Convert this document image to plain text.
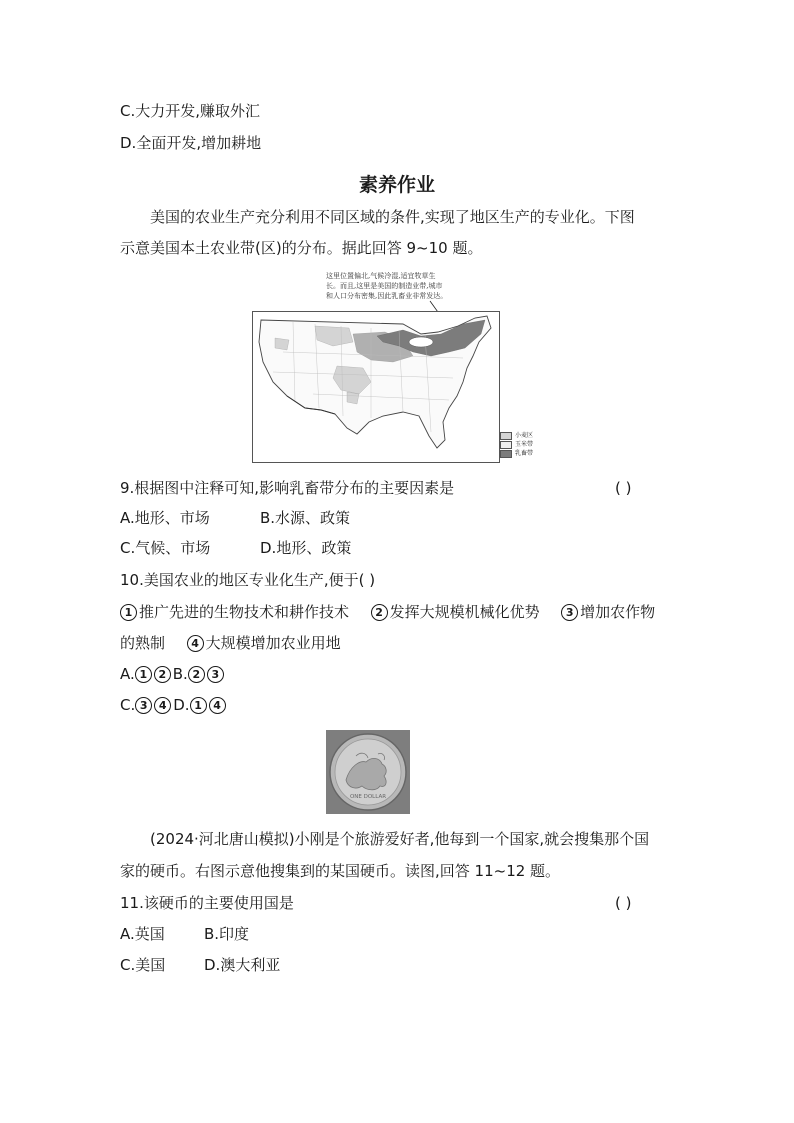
C.大力开发,赚取外汇
D.全面开发,增加耕地
素养作业
美国的农业生产充分利用不同区域的条件,实现了地区生产的专业化。下图
示意美国本土农业带(区)的分布。据此回答 9~10 题。
这里位置偏北,气候冷湿,适宜牧草生
长。而且,这里是美国的制造业带,城市
和人口分布密集,因此乳畜业非常发达。
小麦区
玉米带
乳畜带
9.根据图中注释可知,影响乳畜带分布的主要因素是	( )
A.地形、市场	B.水源、政策
C.气候、市场	D.地形、政策
10.美国农业的地区专业化生产,便于( )
1 推广先进的生物技术和耕作技术 2 发挥大规模机械化优势 3 增加农作物
的熟制 4 大规模增加农业用地
A. 1 2 B. 2 3
C. 3 4 D. 1 4
ONE DOLLAR
(2024·河北唐山模拟)小刚是个旅游爱好者,他每到一个国家,就会搜集那个国
家的硬币。右图示意他搜集到的某国硬币。读图,回答 11~12 题。
11.该硬币的主要使用国是	( )
A.英国	B.印度
C.美国	D.澳大利亚
